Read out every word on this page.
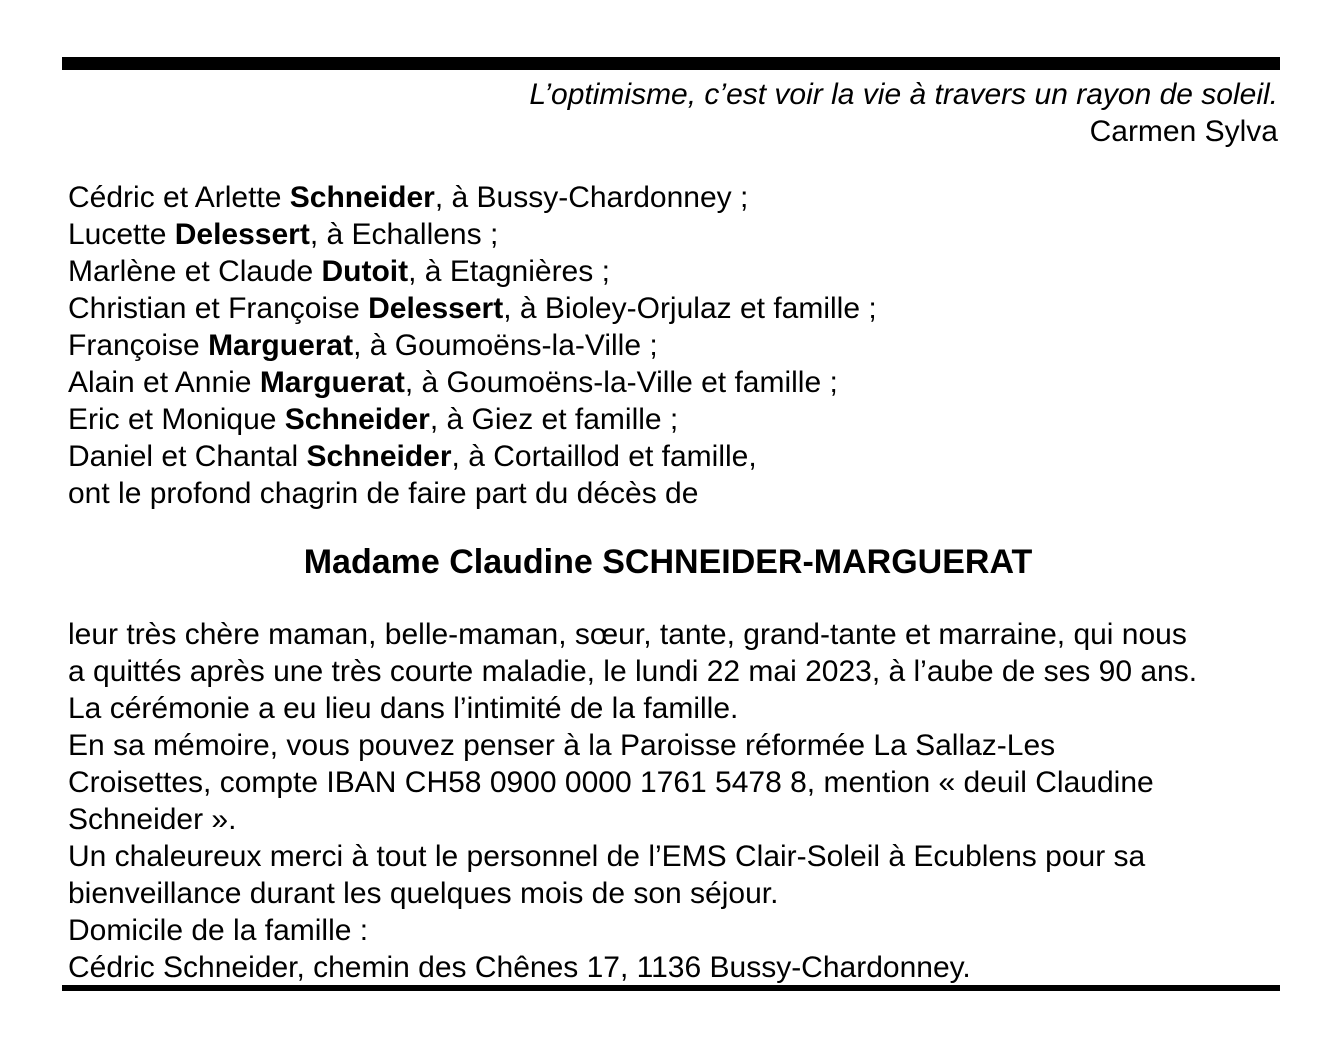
L’optimisme, c’est voir la vie à travers un rayon de soleil.
Carmen Sylva
Cédric et Arlette Schneider, à Bussy-Chardonney ;
Lucette Delessert, à Echallens ;
Marlène et Claude Dutoit, à Etagnières ;
Christian et Françoise Delessert, à Bioley-Orjulaz et famille ;
Françoise Marguerat, à Goumoëns-la-Ville ;
Alain et Annie Marguerat, à Goumoëns-la-Ville et famille ;
Eric et Monique Schneider, à Giez et famille ;
Daniel et Chantal Schneider, à Cortaillod et famille,
ont le profond chagrin de faire part du décès de
Madame Claudine SCHNEIDER-MARGUERAT
leur très chère maman, belle-maman, sœur, tante, grand-tante et marraine, qui nous
a quittés après une très courte maladie, le lundi 22 mai 2023, à l’aube de ses 90 ans.
La cérémonie a eu lieu dans l’intimité de la famille.
En sa mémoire, vous pouvez penser à la Paroisse réformée La Sallaz-Les
Croisettes, compte IBAN CH58 0900 0000 1761 5478 8, mention « deuil Claudine
Schneider ».
Un chaleureux merci à tout le personnel de l’EMS Clair-Soleil à Ecublens pour sa
bienveillance durant les quelques mois de son séjour.
Domicile de la famille :
Cédric Schneider, chemin des Chênes 17, 1136 Bussy-Chardonney.
